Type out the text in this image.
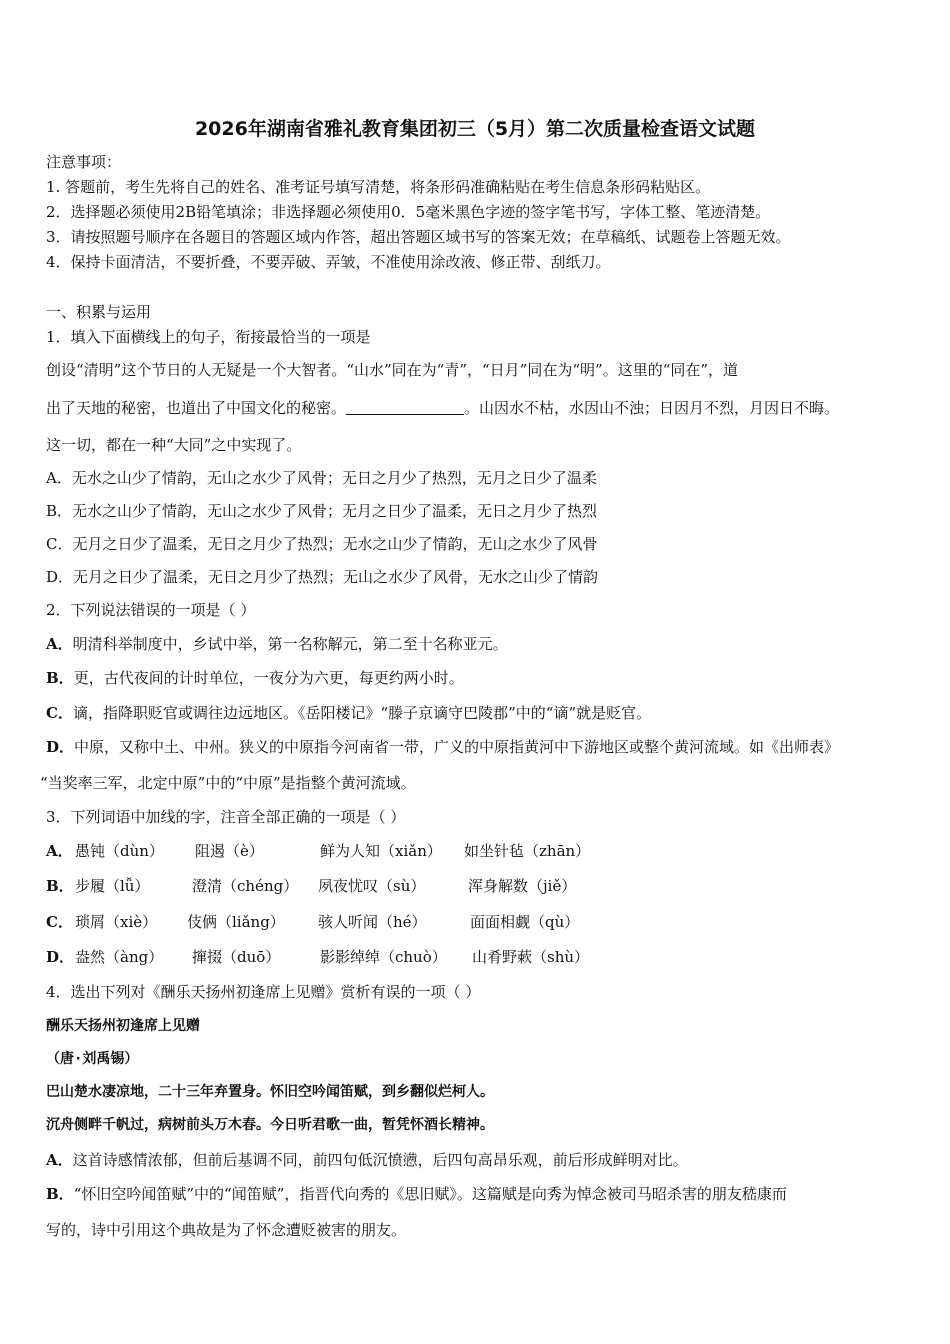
2026年湖南省雅礼教育集团初三（5月）第二次质量检查语文试题
注意事项：
1. 答题前，考生先将自己的姓名、准考证号填写清楚，将条形码准确粘贴在考生信息条形码粘贴区。
2．选择题必须使用2B铅笔填涂；非选择题必须使用0．5毫米黑色字迹的签字笔书写，字体工整、笔迹清楚。
3．请按照题号顺序在各题目的答题区域内作答，超出答题区域书写的答案无效；在草稿纸、试题卷上答题无效。
4．保持卡面清洁，不要折叠，不要弄破、弄皱，不准使用涂改液、修正带、刮纸刀。
一、积累与运用
1．填入下面横线上的句子，衔接最恰当的一项是
创设“清明”这个节日的人无疑是一个大智者。“山水”同在为“青”，“日月”同在为“明”。这里的“同在”，道
出了天地的秘密，也道出了中国文化的秘密。	。山因水不枯，水因山不浊；日因月不烈，月因日不晦。
这一切，都在一种“大同”之中实现了。
A．无水之山少了情韵，无山之水少了风骨；无日之月少了热烈，无月之日少了温柔
B．无水之山少了情韵，无山之水少了风骨；无月之日少了温柔，无日之月少了热烈
C．无月之日少了温柔，无日之月少了热烈；无水之山少了情韵，无山之水少了风骨
D．无月之日少了温柔，无日之月少了热烈；无山之水少了风骨，无水之山少了情韵
2．下列说法错误的一项是（ ）
A．明清科举制度中，乡试中举，第一名称解元，第二至十名称亚元。
B．更，古代夜间的计时单位，一夜分为六更，每更约两小时。
C．谪，指降职贬官或调往边远地区。《岳阳楼记》“滕子京谪守巴陵郡”中的“谪”就是贬官。
D．中原，又称中土、中州。狭义的中原指今河南省一带，广义的中原指黄河中下游地区或整个黄河流域。如《出师表》
“当奖率三军，北定中原”中的“中原”是指整个黄河流域。
3．下列词语中加线的字，注音全部正确的一项是（ ）
A． 愚钝（dùn） 阻遏（è）	鲜为人知（xiǎn） 如坐针毡（zhān）
B． 步履（lǚ）	澄清（chéng） 夙夜忧叹（sù）	浑身解数（jiě）
C． 琐屑（xiè） 伎俩（liǎng） 骇人听闻（hé）	面面相觑（qù）
D． 盎然（àng） 撺掇（duō）	影影绰绰（chuò） 山肴野蔌（shù）
4．选出下列对《酬乐天扬州初逢席上见赠》赏析有误的一项（ ）
酬乐天扬州初逢席上见赠
（唐·刘禹锡）
巴山楚水凄凉地，二十三年弃置身。怀旧空吟闻笛赋，到乡翻似烂柯人。
沉舟侧畔千帆过，病树前头万木春。今日听君歌一曲，暂凭怀酒长精神。
A．这首诗感情浓郁，但前后基调不同，前四句低沉愤懑，后四句高昂乐观，前后形成鲜明对比。
B．“怀旧空吟闻笛赋”中的“闻笛赋”，指晋代向秀的《思旧赋》。这篇赋是向秀为悼念被司马昭杀害的朋友嵇康而
写的，诗中引用这个典故是为了怀念遭贬被害的朋友。
